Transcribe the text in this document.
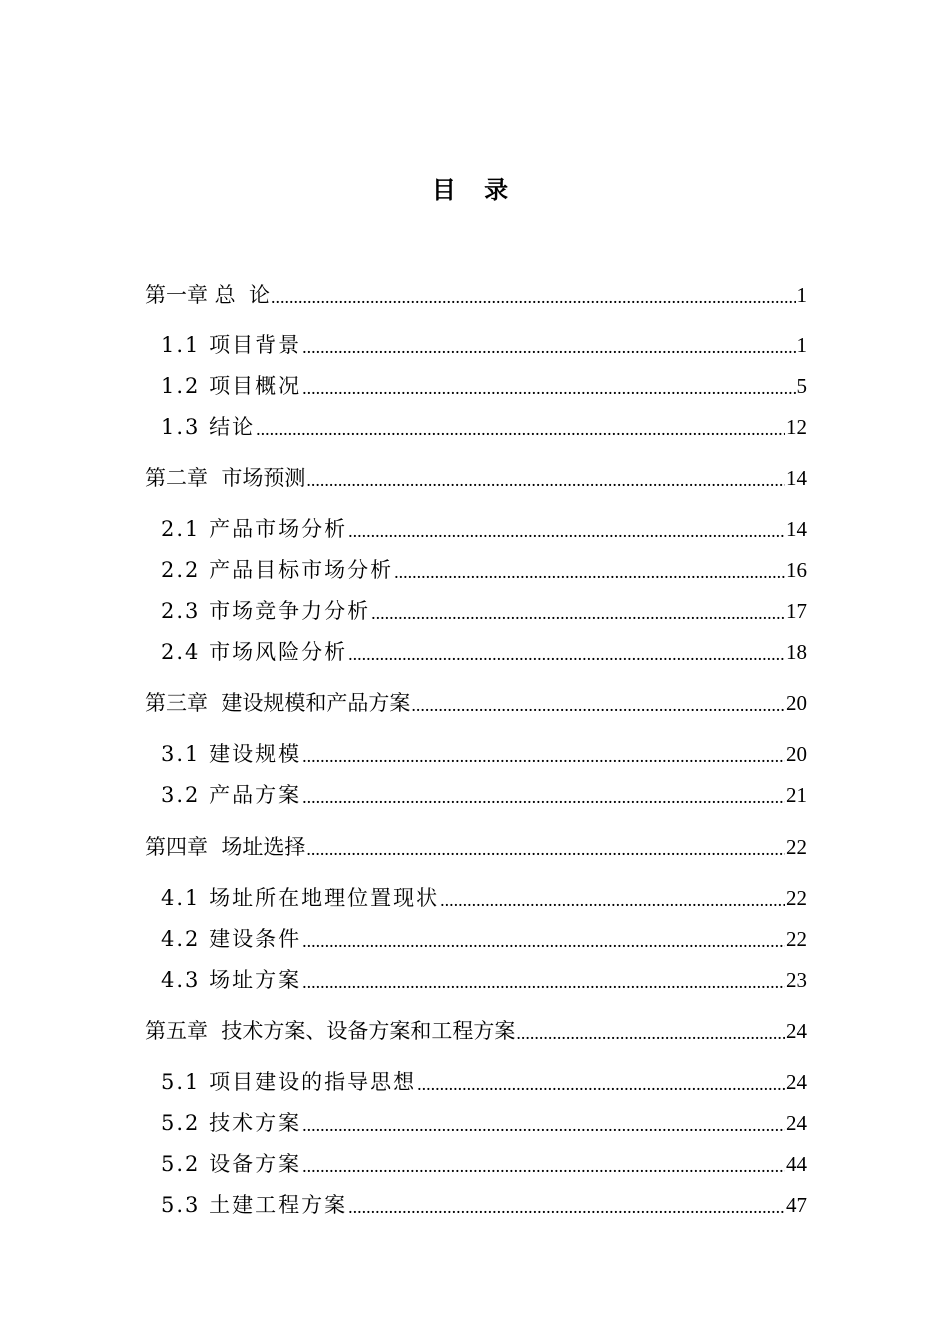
目 录
第一章 总  论 .....	1
1.1 项目背景 .....	1
1.2 项目概况 .....	5
1.3 结论 .....	12
第二章  市场预测 .....	14
2.1 产品市场分析 .....	14
2.2 产品目标市场分析 .....	16
2.3 市场竞争力分析 .....	17
2.4 市场风险分析 .....	18
第三章  建设规模和产品方案 .....	20
3.1 建设规模 .....	20
3.2 产品方案 .....	21
第四章  场址选择 .....	22
4.1 场址所在地理位置现状 .....	22
4.2 建设条件 .....	22
4.3 场址方案 .....	23
第五章  技术方案、设备方案和工程方案 .....	24
5.1 项目建设的指导思想 .....	24
5.2 技术方案 .....	24
5.2 设备方案 .....	44
5.3 土建工程方案 .....	47
